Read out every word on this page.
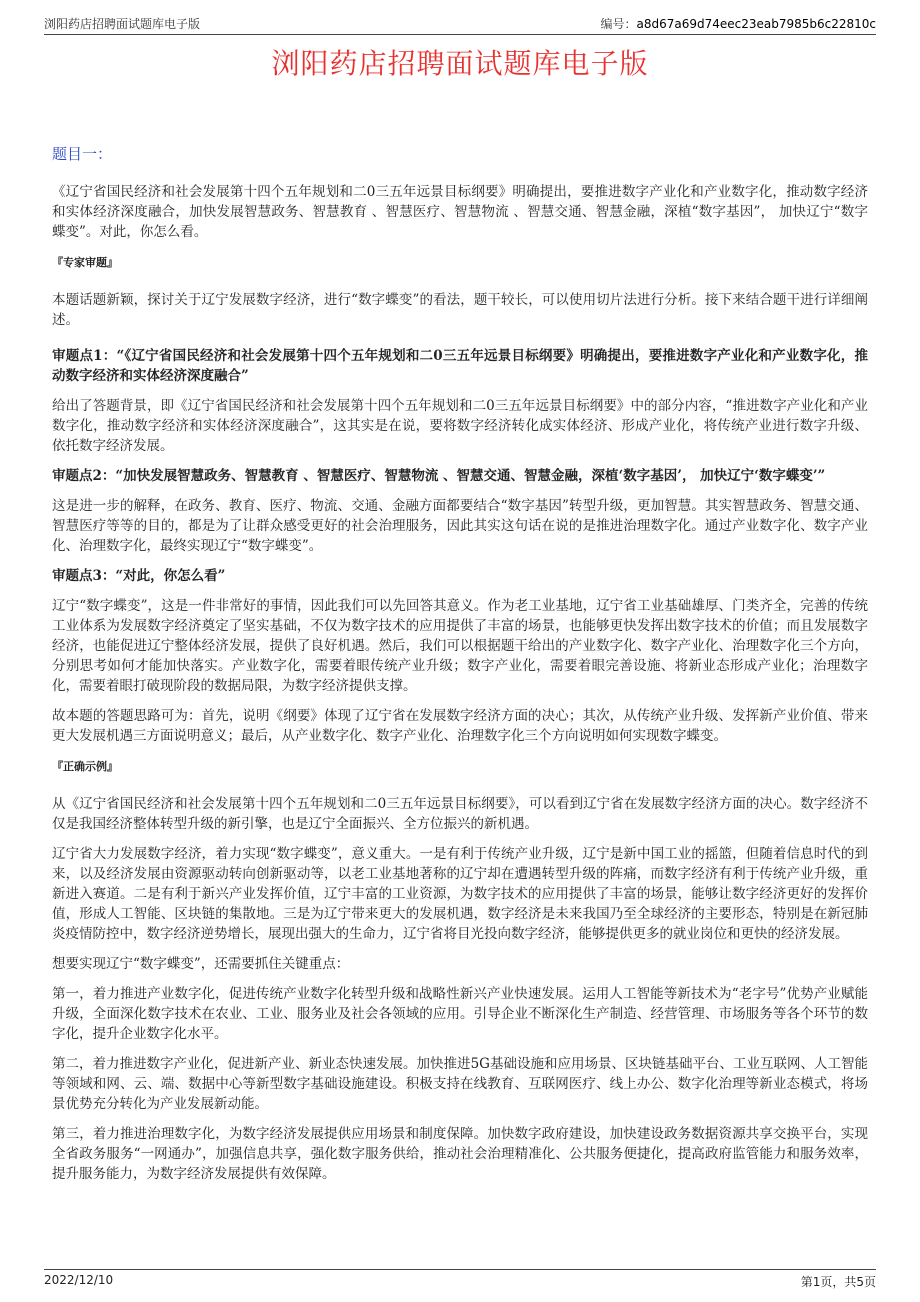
浏阳药店招聘面试题库电子版	编号：a8d67a69d74eec23eab7985b6c22810c
浏阳药店招聘面试题库电子版
题目一：

《辽宁省国民经济和社会发展第十四个五年规划和二0三五年远景目标纲要》明确提出，要推进数字产业化和产业数字化，推动数字经济和实体经济深度融合，加快发展智慧政务、智慧教育 、智慧医疗、智慧物流 、智慧交通、智慧金融，深植“数字基因”， 加快辽宁“数字蝶变”。对此，你怎么看。

『专家审题』

本题话题新颖，探讨关于辽宁发展数字经济，进行“数字蝶变”的看法，题干较长，可以使用切片法进行分析。接下来结合题干进行详细阐述。

审题点1：“《辽宁省国民经济和社会发展第十四个五年规划和二0三五年远景目标纲要》明确提出，要推进数字产业化和产业数字化，推动数字经济和实体经济深度融合”

给出了答题背景，即《辽宁省国民经济和社会发展第十四个五年规划和二0三五年远景目标纲要》中的部分内容，“推进数字产业化和产业数字化，推动数字经济和实体经济深度融合”，这其实是在说，要将数字经济转化成实体经济、形成产业化，将传统产业进行数字升级、依托数字经济发展。

审题点2：“加快发展智慧政务、智慧教育 、智慧医疗、智慧物流 、智慧交通、智慧金融，深植‘数字基因’， 加快辽宁‘数字蝶变’”

这是进一步的解释，在政务、教育、医疗、物流、交通、金融方面都要结合“数字基因”转型升级，更加智慧。其实智慧政务、智慧交通、智慧医疗等等的目的，都是为了让群众感受更好的社会治理服务，因此其实这句话在说的是推进治理数字化。通过产业数字化、数字产业化、治理数字化，最终实现辽宁“数字蝶变”。

审题点3：“对此，你怎么看”

辽宁“数字蝶变”，这是一件非常好的事情，因此我们可以先回答其意义。作为老工业基地，辽宁省工业基础雄厚、门类齐全，完善的传统工业体系为发展数字经济奠定了坚实基础，不仅为数字技术的应用提供了丰富的场景，也能够更快发挥出数字技术的价值；而且发展数字经济，也能促进辽宁整体经济发展，提供了良好机遇。然后，我们可以根据题干给出的产业数字化、数字产业化、治理数字化三个方向，分别思考如何才能加快落实。产业数字化，需要着眼传统产业升级；数字产业化，需要着眼完善设施、将新业态形成产业化；治理数字化，需要着眼打破现阶段的数据局限，为数字经济提供支撑。

故本题的答题思路可为：首先，说明《纲要》体现了辽宁省在发展数字经济方面的决心；其次，从传统产业升级、发挥新产业价值、带来更大发展机遇三方面说明意义；最后，从产业数字化、数字产业化、治理数字化三个方向说明如何实现数字蝶变。

『正确示例』

从《辽宁省国民经济和社会发展第十四个五年规划和二0三五年远景目标纲要》，可以看到辽宁省在发展数字经济方面的决心。数字经济不仅是我国经济整体转型升级的新引擎，也是辽宁全面振兴、全方位振兴的新机遇。

辽宁省大力发展数字经济，着力实现“数字蝶变”，意义重大。一是有利于传统产业升级，辽宁是新中国工业的摇篮，但随着信息时代的到来，以及经济发展由资源驱动转向创新驱动等，以老工业基地著称的辽宁却在遭遇转型升级的阵痛，而数字经济有利于传统产业升级，重新进入赛道。二是有利于新兴产业发挥价值，辽宁丰富的工业资源，为数字技术的应用提供了丰富的场景，能够让数字经济更好的发挥价值，形成人工智能、区块链的集散地。三是为辽宁带来更大的发展机遇，数字经济是未来我国乃至全球经济的主要形态，特别是在新冠肺炎疫情防控中，数字经济逆势增长，展现出强大的生命力，辽宁省将目光投向数字经济，能够提供更多的就业岗位和更快的经济发展。

想要实现辽宁“数字蝶变”，还需要抓住关键重点：

第一，着力推进产业数字化，促进传统产业数字化转型升级和战略性新兴产业快速发展。运用人工智能等新技术为“老字号”优势产业赋能升级，全面深化数字技术在农业、工业、服务业及社会各领域的应用。引导企业不断深化生产制造、经营管理、市场服务等各个环节的数字化，提升企业数字化水平。

第二，着力推进数字产业化，促进新产业、新业态快速发展。加快推进5G基础设施和应用场景、区块链基础平台、工业互联网、人工智能等领域和网、云、端、数据中心等新型数字基础设施建设。积极支持在线教育、互联网医疗、线上办公、数字化治理等新业态模式，将场景优势充分转化为产业发展新动能。

第三，着力推进治理数字化，为数字经济发展提供应用场景和制度保障。加快数字政府建设，加快建设政务数据资源共享交换平台，实现全省政务服务“一网通办”，加强信息共享，强化数字服务供给，推动社会治理精准化、公共服务便捷化，提高政府监管能力和服务效率，提升服务能力，为数字经济发展提供有效保障。

2022/12/10	第1页，共5页
